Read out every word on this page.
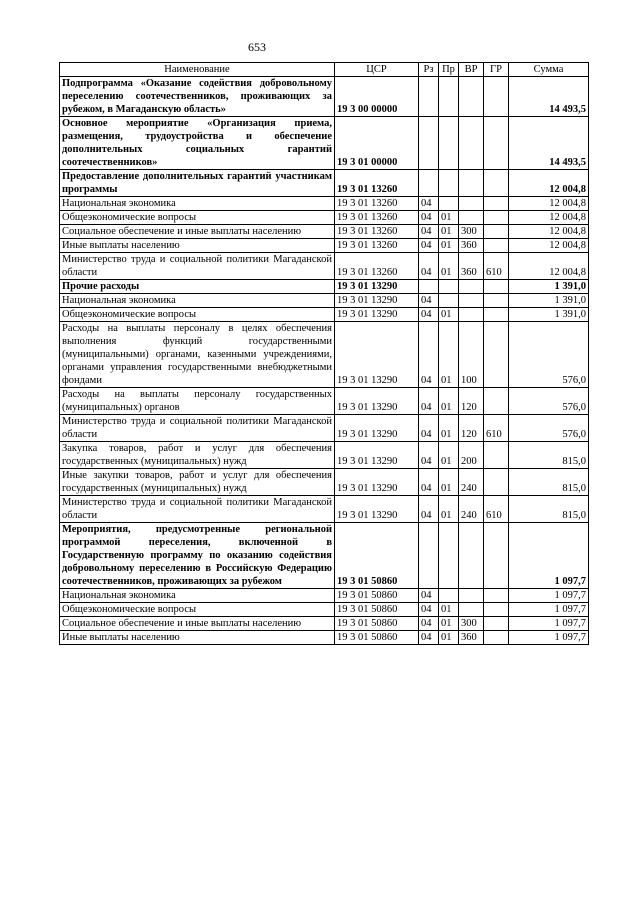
653
Наименование	ЦСР	Рз	Пр	ВР	ГР	Сумма
Подпрограмма «Оказание содействия добровольному переселению соотечественников, проживающих за рубежом, в Магаданскую область»	19 3 00 00000					14 493,5
Основное мероприятие «Организация приема, размещения, трудоустройства и обеспечение дополнительных социальных гарантий соотечественников»	19 3 01 00000					14 493,5
Предоставление дополнительных гарантий участникам программы	19 3 01 13260					12 004,8
Национальная экономика	19 3 01 13260	04				12 004,8
Общеэкономические вопросы	19 3 01 13260	04	01			12 004,8
Социальное обеспечение и иные выплаты населению	19 3 01 13260	04	01	300		12 004,8
Иные выплаты населению	19 3 01 13260	04	01	360		12 004,8
Министерство труда и социальной политики Магаданской области	19 3 01 13260	04	01	360	610	12 004,8
Прочие расходы	19 3 01 13290					1 391,0
Национальная экономика	19 3 01 13290	04				1 391,0
Общеэкономические вопросы	19 3 01 13290	04	01			1 391,0
Расходы на выплаты персоналу в целях обеспечения выполнения функций государственными (муниципальными) органами, казенными учреждениями, органами управления государственными внебюджетными фондами	19 3 01 13290	04	01	100		576,0
Расходы на выплаты персоналу государственных (муниципальных) органов	19 3 01 13290	04	01	120		576,0
Министерство труда и социальной политики Магаданской области	19 3 01 13290	04	01	120	610	576,0
Закупка товаров, работ и услуг для обеспечения государственных (муниципальных) нужд	19 3 01 13290	04	01	200		815,0
Иные закупки товаров, работ и услуг для обеспечения государственных (муниципальных) нужд	19 3 01 13290	04	01	240		815,0
Министерство труда и социальной политики Магаданской области	19 3 01 13290	04	01	240	610	815,0
Мероприятия, предусмотренные региональной программой переселения, включенной в Государственную программу по оказанию содействия добровольному переселению в Российскую Федерацию соотечественников, проживающих за рубежом	19 3 01 50860					1 097,7
Национальная экономика	19 3 01 50860	04				1 097,7
Общеэкономические вопросы	19 3 01 50860	04	01			1 097,7
Социальное обеспечение и иные выплаты населению	19 3 01 50860	04	01	300		1 097,7
Иные выплаты населению	19 3 01 50860	04	01	360		1 097,7
